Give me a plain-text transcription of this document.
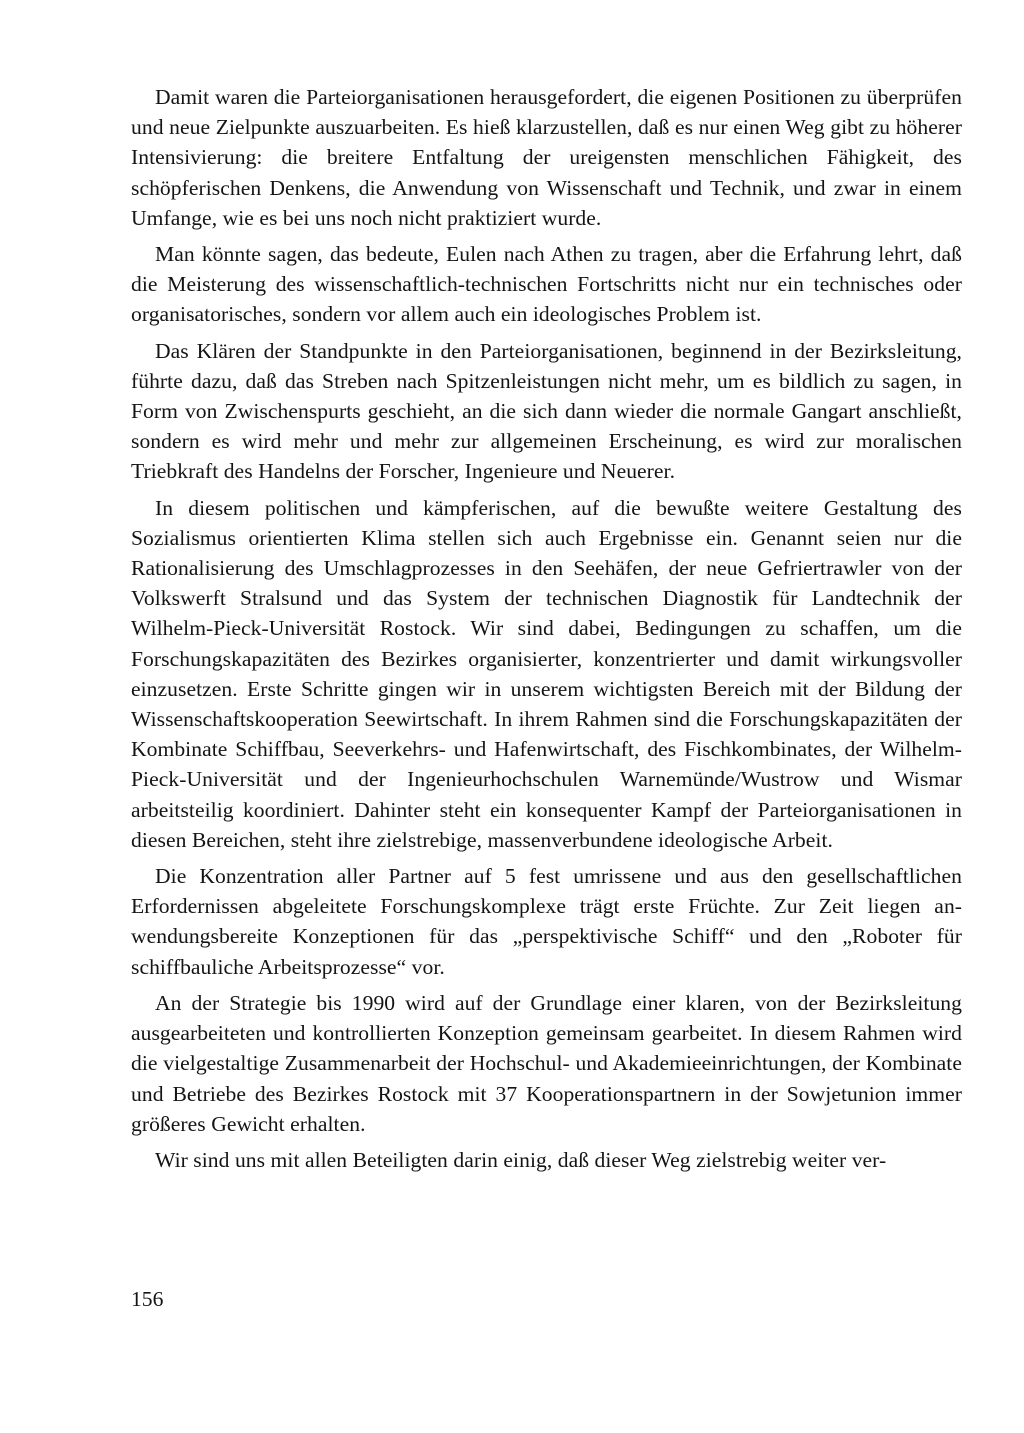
Damit waren die Parteiorganisationen herausgefordert, die eigenen Positionen zu überprüfen und neue Zielpunkte auszuarbeiten. Es hieß klarzustellen, daß es nur einen Weg gibt zu höherer Intensivierung: die breitere Entfaltung der ureigensten menschlichen Fähigkeit, des schöpferischen Denkens, die Anwendung von Wissenschaft und Technik, und zwar in einem Umfange, wie es bei uns noch nicht praktiziert wurde.

Man könnte sagen, das bedeute, Eulen nach Athen zu tragen, aber die Erfahrung lehrt, daß die Meisterung des wissenschaftlich-technischen Fortschritts nicht nur ein technisches oder organisatorisches, sondern vor allem auch ein ideologisches Problem ist.

Das Klären der Standpunkte in den Parteiorganisationen, beginnend in der Bezirksleitung, führte dazu, daß das Streben nach Spitzenleistungen nicht mehr, um es bildlich zu sagen, in Form von Zwischenspurts geschieht, an die sich dann wieder die normale Gangart anschließt, sondern es wird mehr und mehr zur allgemeinen Erscheinung, es wird zur moralischen Triebkraft des Handelns der Forscher, Ingenieure und Neuerer.

In diesem politischen und kämpferischen, auf die bewußte weitere Gestaltung des Sozialismus orientierten Klima stellen sich auch Ergebnisse ein. Genannt seien nur die Rationalisierung des Umschlagprozesses in den Seehäfen, der neue Gefriertrawler von der Volkswerft Stralsund und das System der technischen Diagnostik für Landtechnik der Wilhelm-Pieck-Universität Rostock. Wir sind dabei, Bedingungen zu schaffen, um die Forschungskapazitäten des Bezirkes organisierter, konzentrierter und damit wirkungsvoller einzusetzen. Erste Schritte gingen wir in unserem wichtigsten Bereich mit der Bildung der Wissenschaftskooperation Seewirtschaft. In ihrem Rahmen sind die Forschungskapazitäten der Kombinate Schiffbau, Seeverkehrs- und Hafenwirtschaft, des Fischkombinates, der Wilhelm-Pieck-Universität und der Ingenieurhochschulen Warnemünde/Wustrow und Wismar arbeitsteilig koordiniert. Dahinter steht ein konsequenter Kampf der Parteiorganisationen in diesen Bereichen, steht ihre zielstrebige, massenverbundene ideologische Arbeit.

Die Konzentration aller Partner auf 5 fest umrissene und aus den gesellschaftlichen Erfordernissen abgeleitete Forschungskomplexe trägt erste Früchte. Zur Zeit liegen anwendungsbereite Konzeptionen für das „perspektivische Schiff“ und den „Roboter für schiffbauliche Arbeitsprozesse“ vor.

An der Strategie bis 1990 wird auf der Grundlage einer klaren, von der Bezirksleitung ausgearbeiteten und kontrollierten Konzeption gemeinsam gearbeitet. In diesem Rahmen wird die vielgestaltige Zusammenarbeit der Hochschul- und Akademieeinrichtungen, der Kombinate und Betriebe des Bezirkes Rostock mit 37 Kooperationspartnern in der Sowjetunion immer größeres Gewicht erhalten.

Wir sind uns mit allen Beteiligten darin einig, daß dieser Weg zielstrebig weiter ver-

156
